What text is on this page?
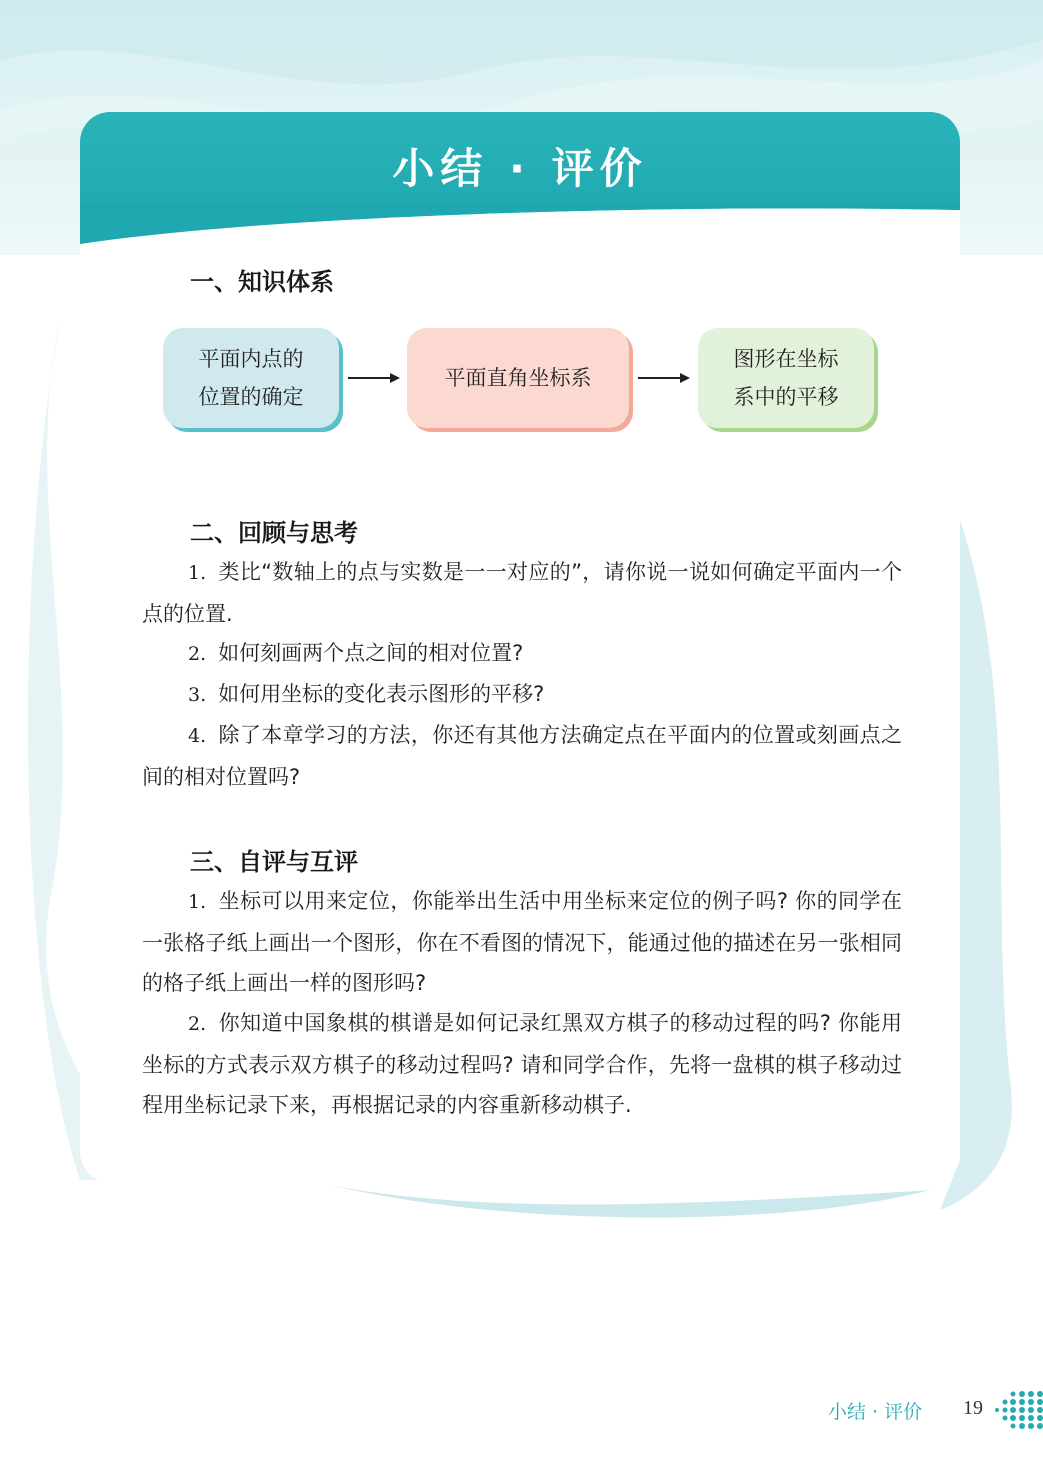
小结 · 评价
一、知识体系
平面内点的
位置的确定
平面直角坐标系
图形在坐标
系中的平移
二、回顾与思考
1. 类比“数轴上的点与实数是一一对应的”，请你说一说如何确定平面内一个点的位置.
2. 如何刻画两个点之间的相对位置?
3. 如何用坐标的变化表示图形的平移?
4. 除了本章学习的方法，你还有其他方法确定点在平面内的位置或刻画点之间的相对位置吗?
三、自评与互评
1. 坐标可以用来定位，你能举出生活中用坐标来定位的例子吗? 你的同学在一张格子纸上画出一个图形，你在不看图的情况下，能通过他的描述在另一张相同的格子纸上画出一样的图形吗?
2. 你知道中国象棋的棋谱是如何记录红黑双方棋子的移动过程的吗? 你能用坐标的方式表示双方棋子的移动过程吗? 请和同学合作，先将一盘棋的棋子移动过程用坐标记录下来，再根据记录的内容重新移动棋子.
小结 · 评价 19
